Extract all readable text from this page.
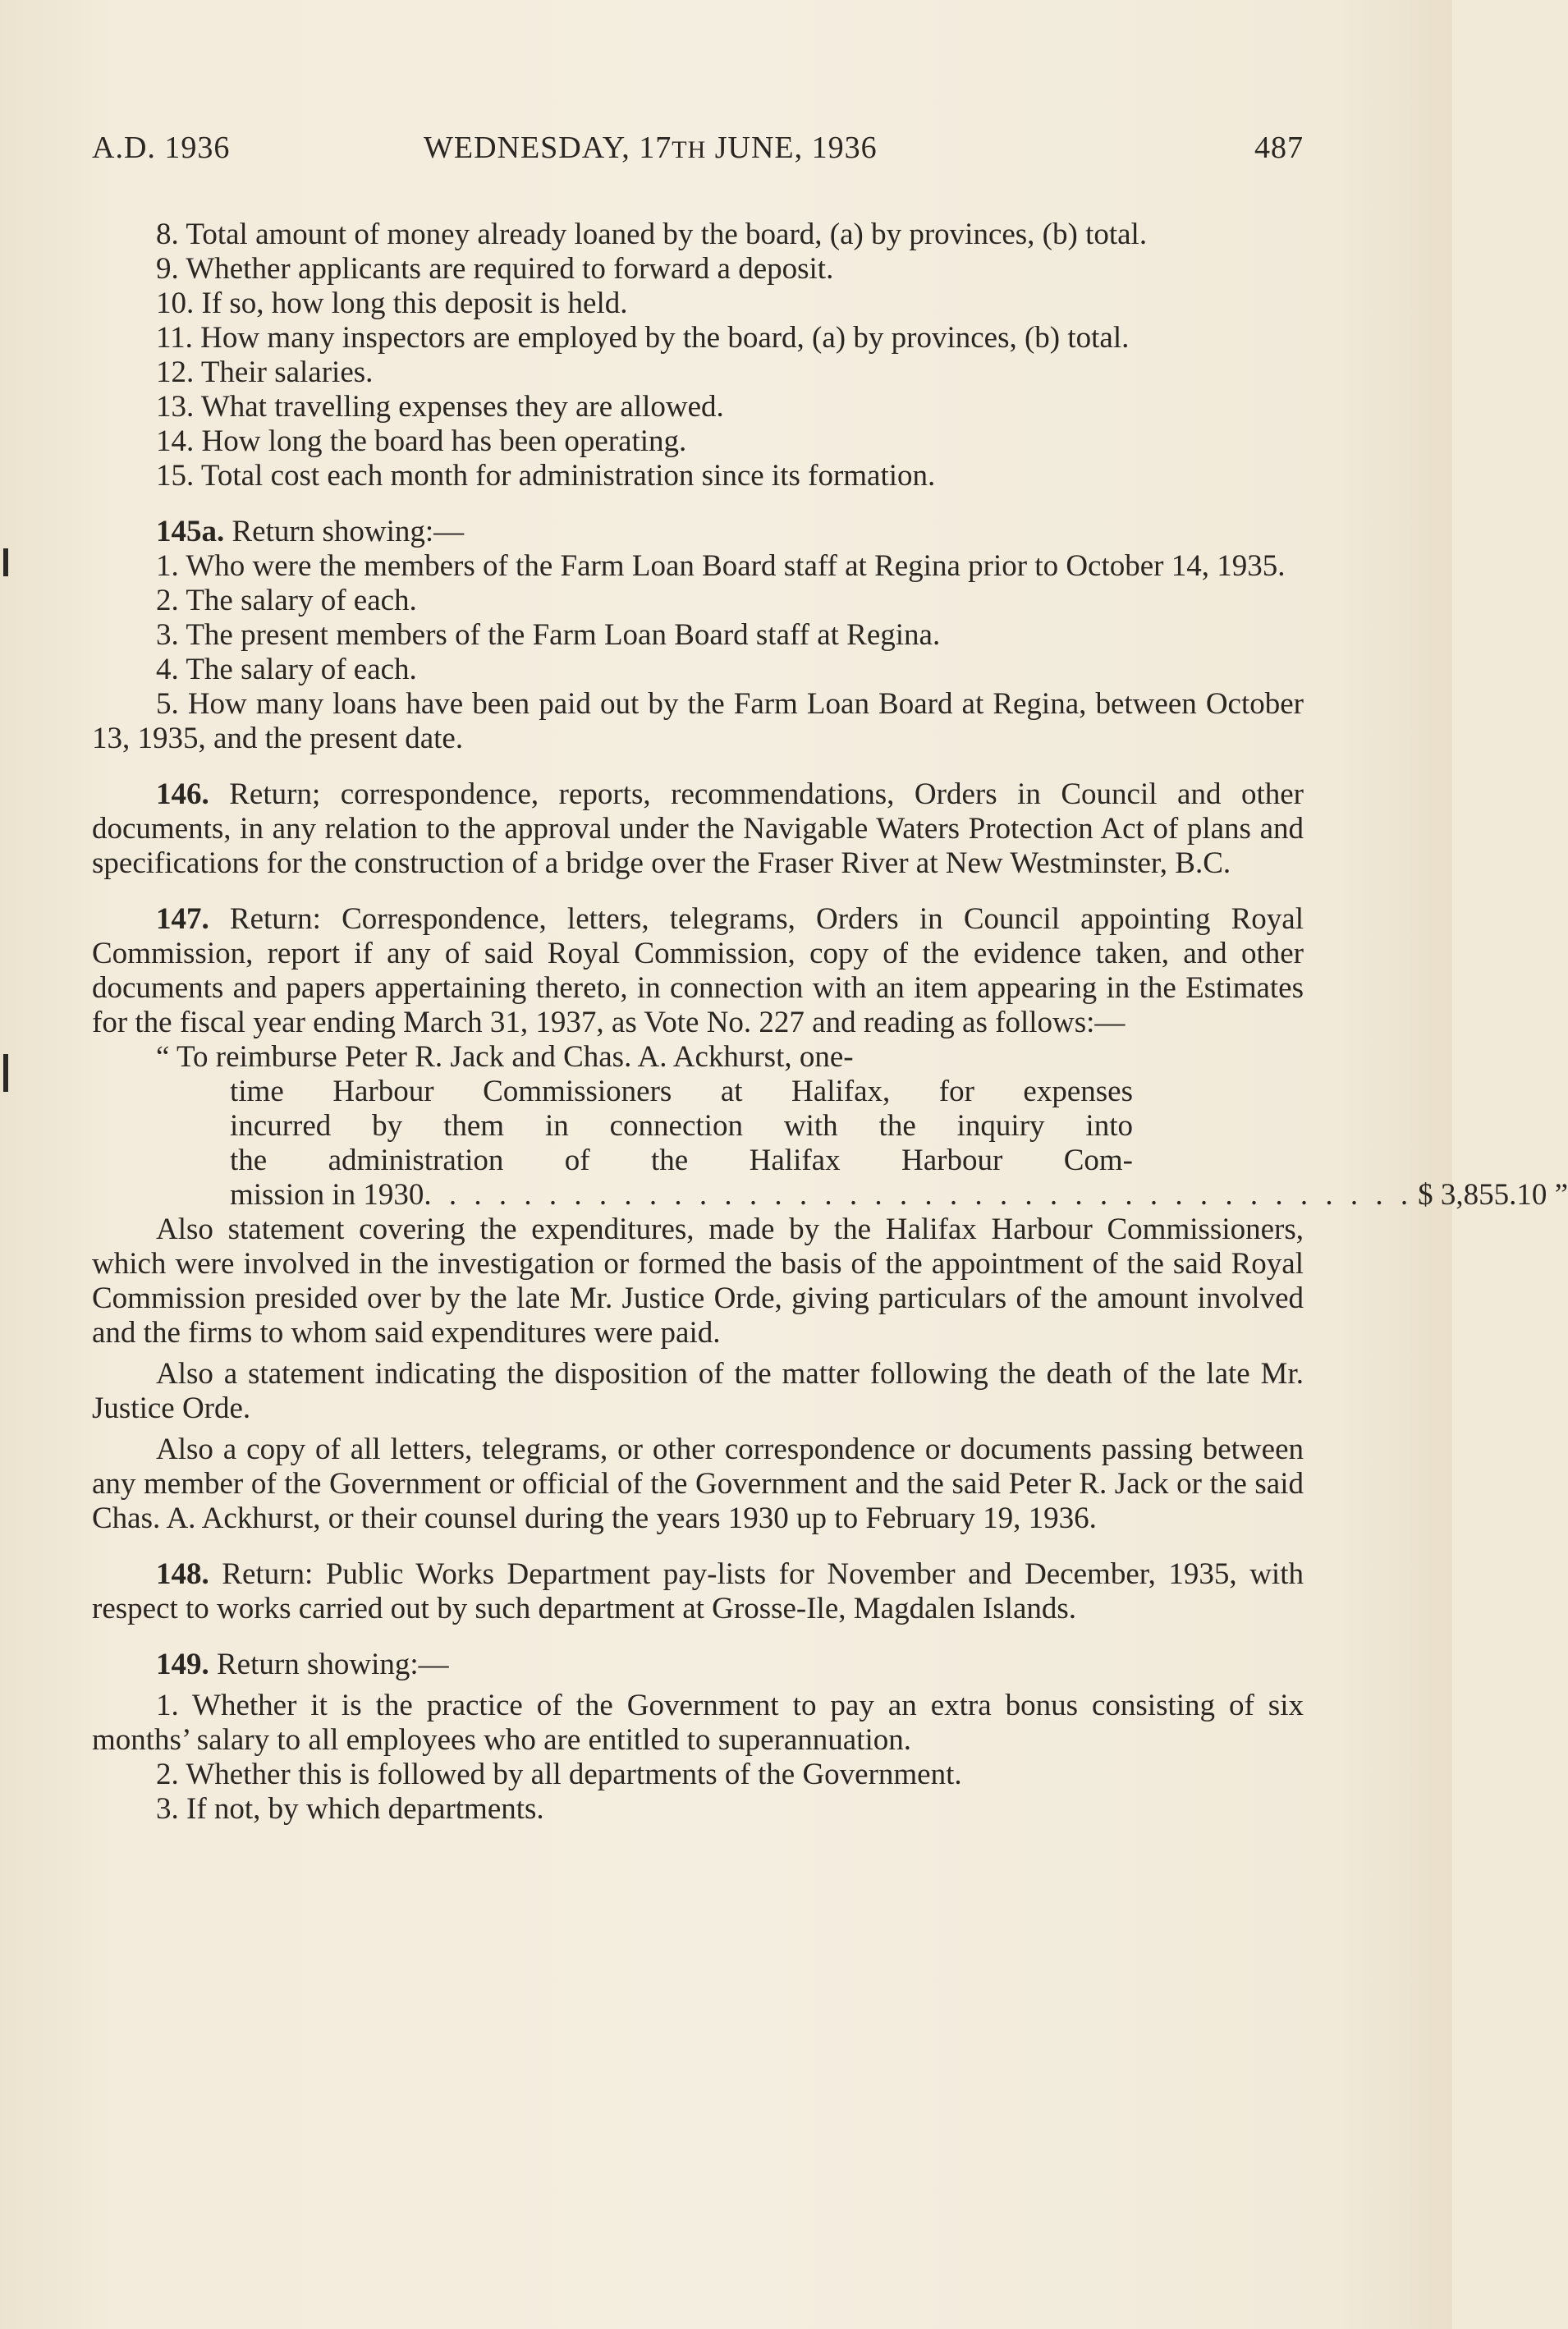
A.D. 1936	WEDNESDAY, 17TH JUNE, 1936	487

8. Total amount of money already loaned by the board, (a) by provinces, (b) total.

9. Whether applicants are required to forward a deposit.

10. If so, how long this deposit is held.

11. How many inspectors are employed by the board, (a) by provinces, (b) total.

12. Their salaries.

13. What travelling expenses they are allowed.

14. How long the board has been operating.

15. Total cost each month for administration since its formation.

145a. Return showing:—

1. Who were the members of the Farm Loan Board staff at Regina prior to October 14, 1935.

2. The salary of each.

3. The present members of the Farm Loan Board staff at Regina.

4. The salary of each.

5. How many loans have been paid out by the Farm Loan Board at Regina, between October 13, 1935, and the present date.

146. Return; correspondence, reports, recommendations, Orders in Council and other documents, in any relation to the approval under the Navigable Waters Protection Act of plans and specifications for the construction of a bridge over the Fraser River at New Westminster, B.C.

147. Return: Correspondence, letters, telegrams, Orders in Council appointing Royal Commission, report if any of said Royal Commission, copy of the evidence taken, and other documents and papers appertaining thereto, in connection with an item appearing in the Estimates for the fiscal year ending March 31, 1937, as Vote No. 227 and reading as follows:—

“ To reimburse Peter R. Jack and Chas. A. Ackhurst, one-

time Harbour Commissioners at Halifax, for expenses

incurred by them in connection with the inquiry into

the administration of the Halifax Harbour Com-

mission in 1930 . . . . . . . . . . . . . . . . . . . . . . . . . . . . . . . . . . . . . . . . $ 3,855.10 ”

Also statement covering the expenditures, made by the Halifax Harbour Commissioners, which were involved in the investigation or formed the basis of the appointment of the said Royal Commission presided over by the late Mr. Justice Orde, giving particulars of the amount involved and the firms to whom said expenditures were paid.

Also a statement indicating the disposition of the matter following the death of the late Mr. Justice Orde.

Also a copy of all letters, telegrams, or other correspondence or documents passing between any member of the Government or official of the Government and the said Peter R. Jack or the said Chas. A. Ackhurst, or their counsel during the years 1930 up to February 19, 1936.

148. Return: Public Works Department pay-lists for November and December, 1935, with respect to works carried out by such department at Grosse-Ile, Magdalen Islands.

149. Return showing:—

1. Whether it is the practice of the Government to pay an extra bonus consisting of six months’ salary to all employees who are entitled to superannuation.

2. Whether this is followed by all departments of the Government.

3. If not, by which departments.
